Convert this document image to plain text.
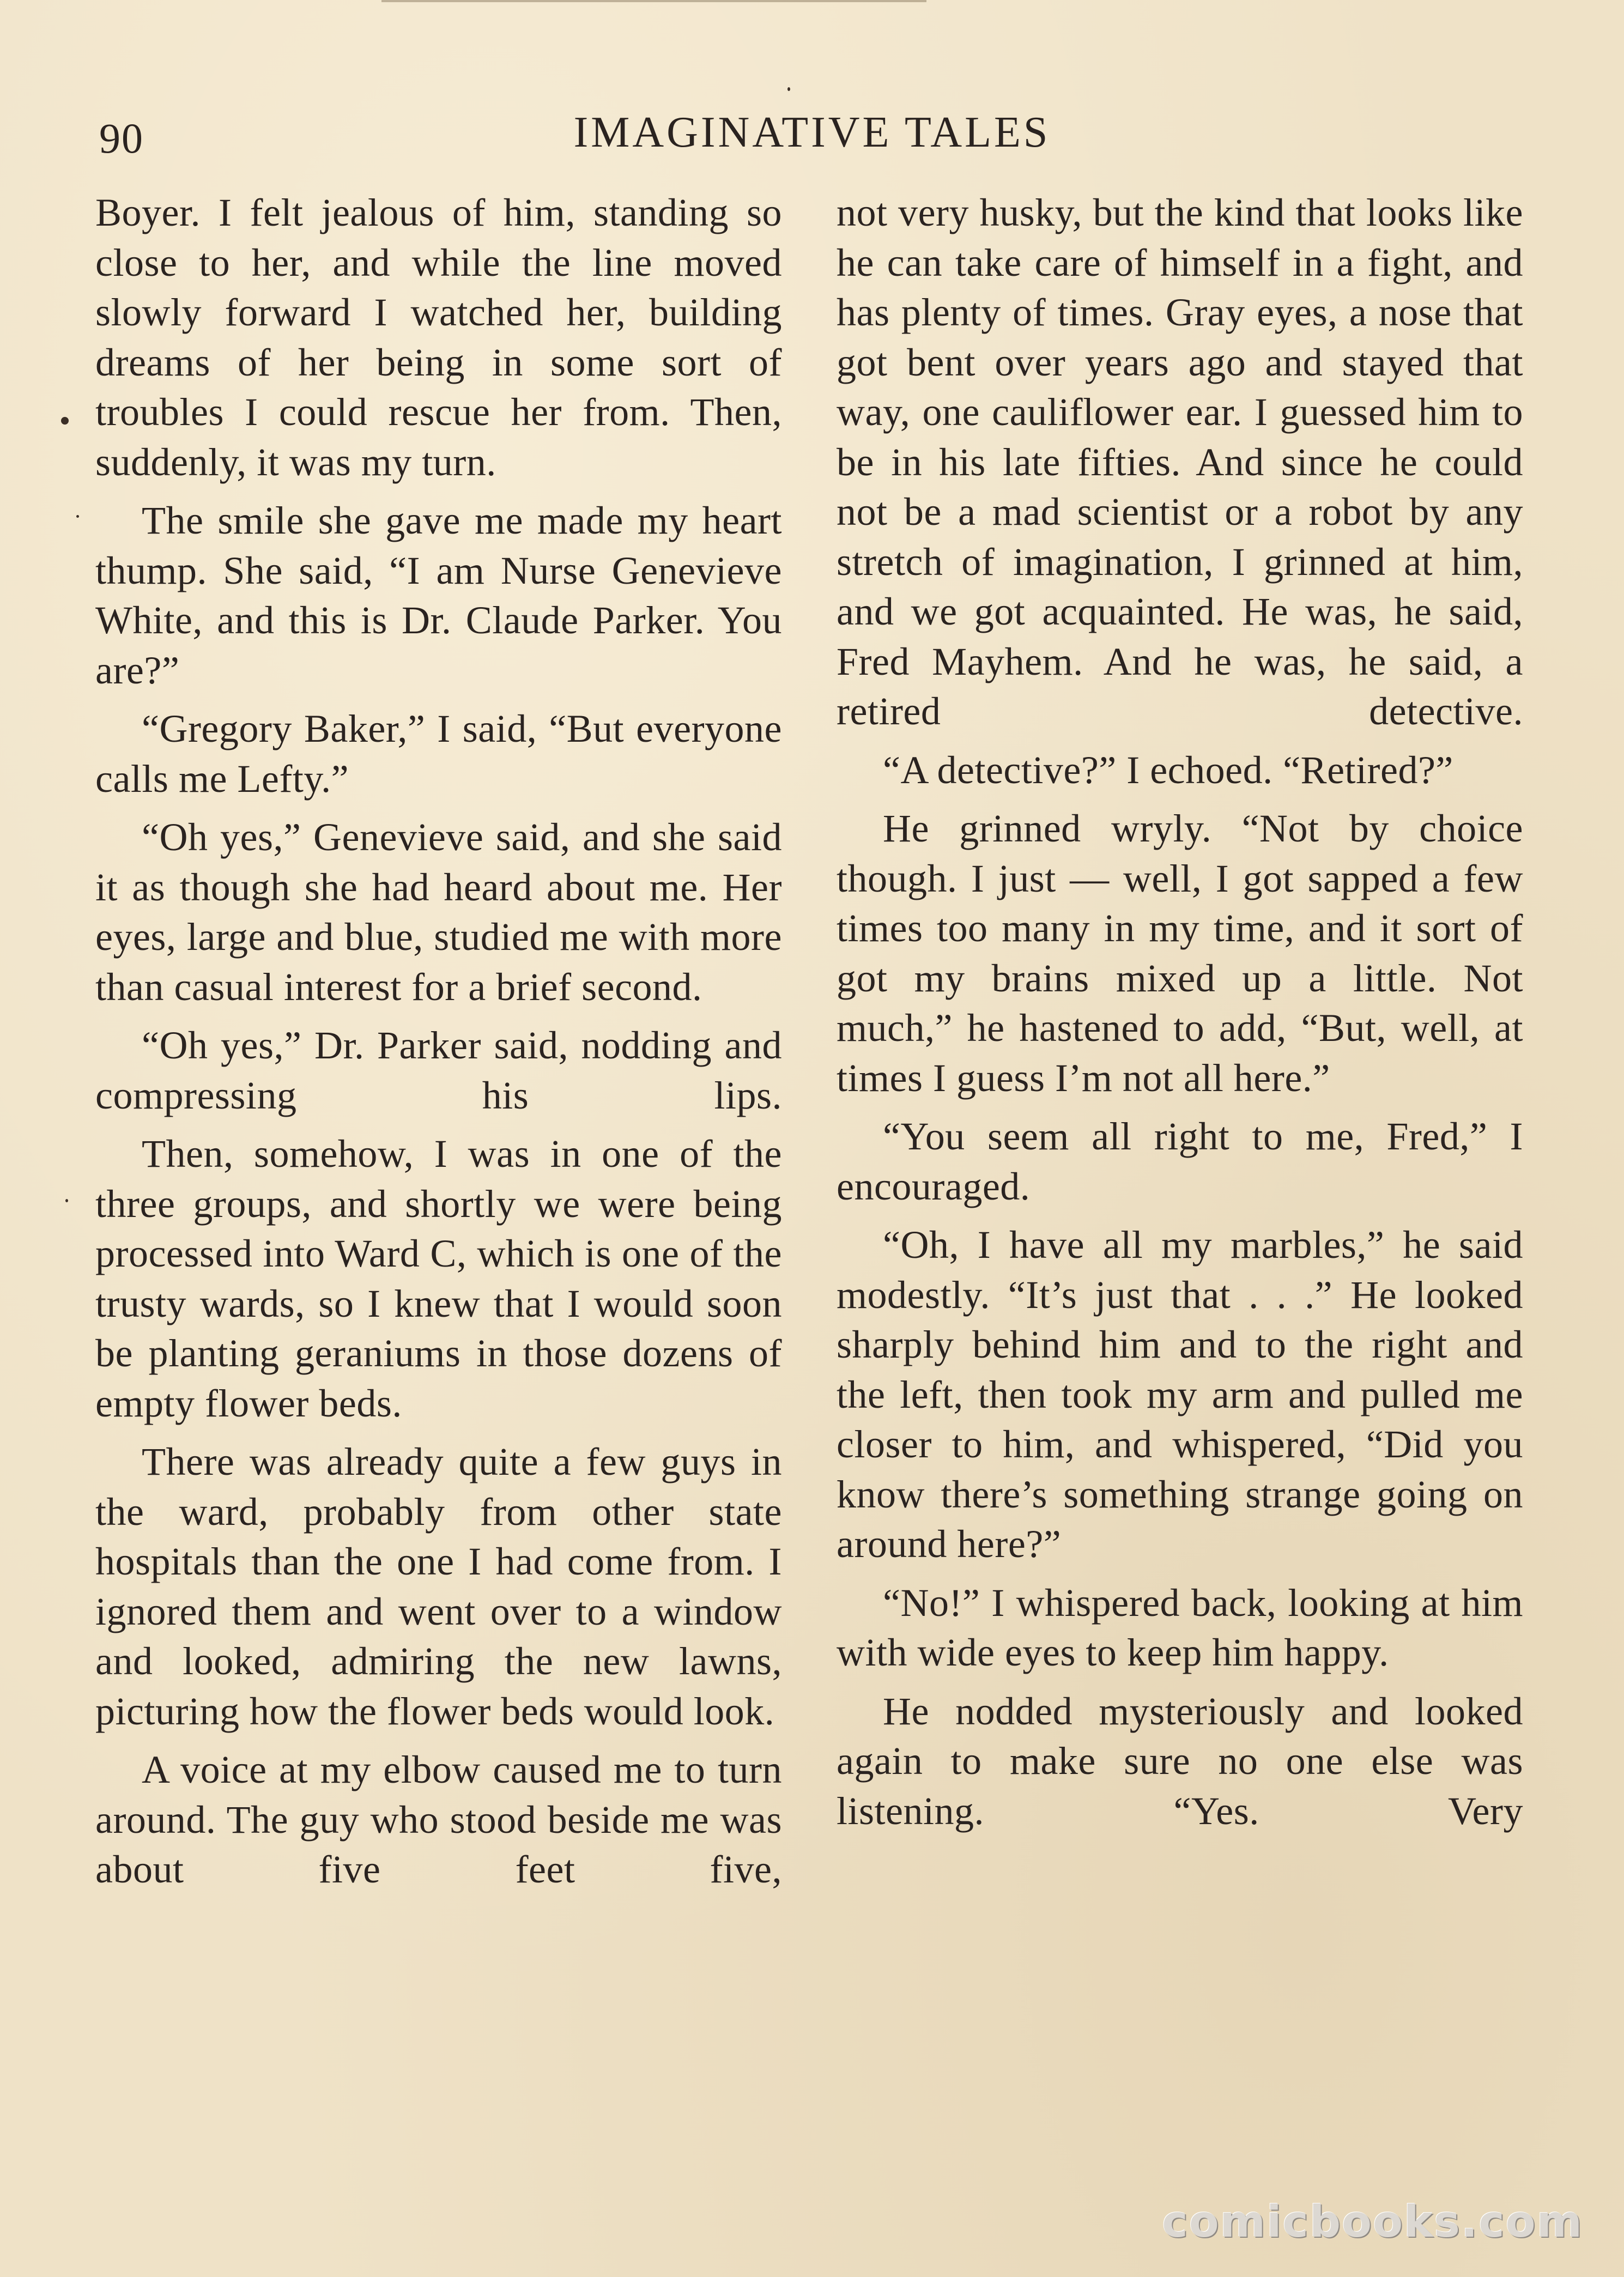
90	IMAGINATIVE TALES

Boyer. I felt jealous of him, standing so close to her, and while the line moved slowly forward I watched her, building dreams of her being in some sort of troubles I could rescue her from. Then, suddenly, it was my turn.

The smile she gave me made my heart thump. She said, “I am Nurse Genevieve White, and this is Dr. Claude Parker. You are?”

“Gregory Baker,” I said, “But everyone calls me Lefty.”

“Oh yes,” Genevieve said, and she said it as though she had heard about me. Her eyes, large and blue, studied me with more than casual interest for a brief second.

“Oh yes,” Dr. Parker said, nodding and compressing his lips.

Then, somehow, I was in one of the three groups, and shortly we were being processed into Ward C, which is one of the trusty wards, so I knew that I would soon be planting geraniums in those dozens of empty flower beds.

There was already quite a few guys in the ward, probably from other state hospitals than the one I had come from. I ignored them and went over to a window and looked, admiring the new lawns, picturing how the flower beds would look.

A voice at my elbow caused me to turn around. The guy who stood beside me was about five feet five,

not very husky, but the kind that looks like he can take care of himself in a fight, and has plenty of times. Gray eyes, a nose that got bent over years ago and stayed that way, one cauliflower ear. I guessed him to be in his late fifties. And since he could not be a mad scientist or a robot by any stretch of imagination, I grinned at him, and we got acquainted. He was, he said, Fred Mayhem. And he was, he said, a retired detective.

“A detective?” I echoed. “Retired?”

He grinned wryly. “Not by choice though. I just — well, I got sapped a few times too many in my time, and it sort of got my brains mixed up a little. Not much,” he hastened to add, “But, well, at times I guess I’m not all here.”

“You seem all right to me, Fred,” I encouraged.

“Oh, I have all my marbles,” he said modestly. “It’s just that . . .” He looked sharply behind him and to the right and the left, then took my arm and pulled me closer to him, and whispered, “Did you know there’s something strange going on around here?”

“No!” I whispered back, looking at him with wide eyes to keep him happy.

He nodded mysteriously and looked again to make sure no one else was listening. “Yes. Very

comicbooks.com
